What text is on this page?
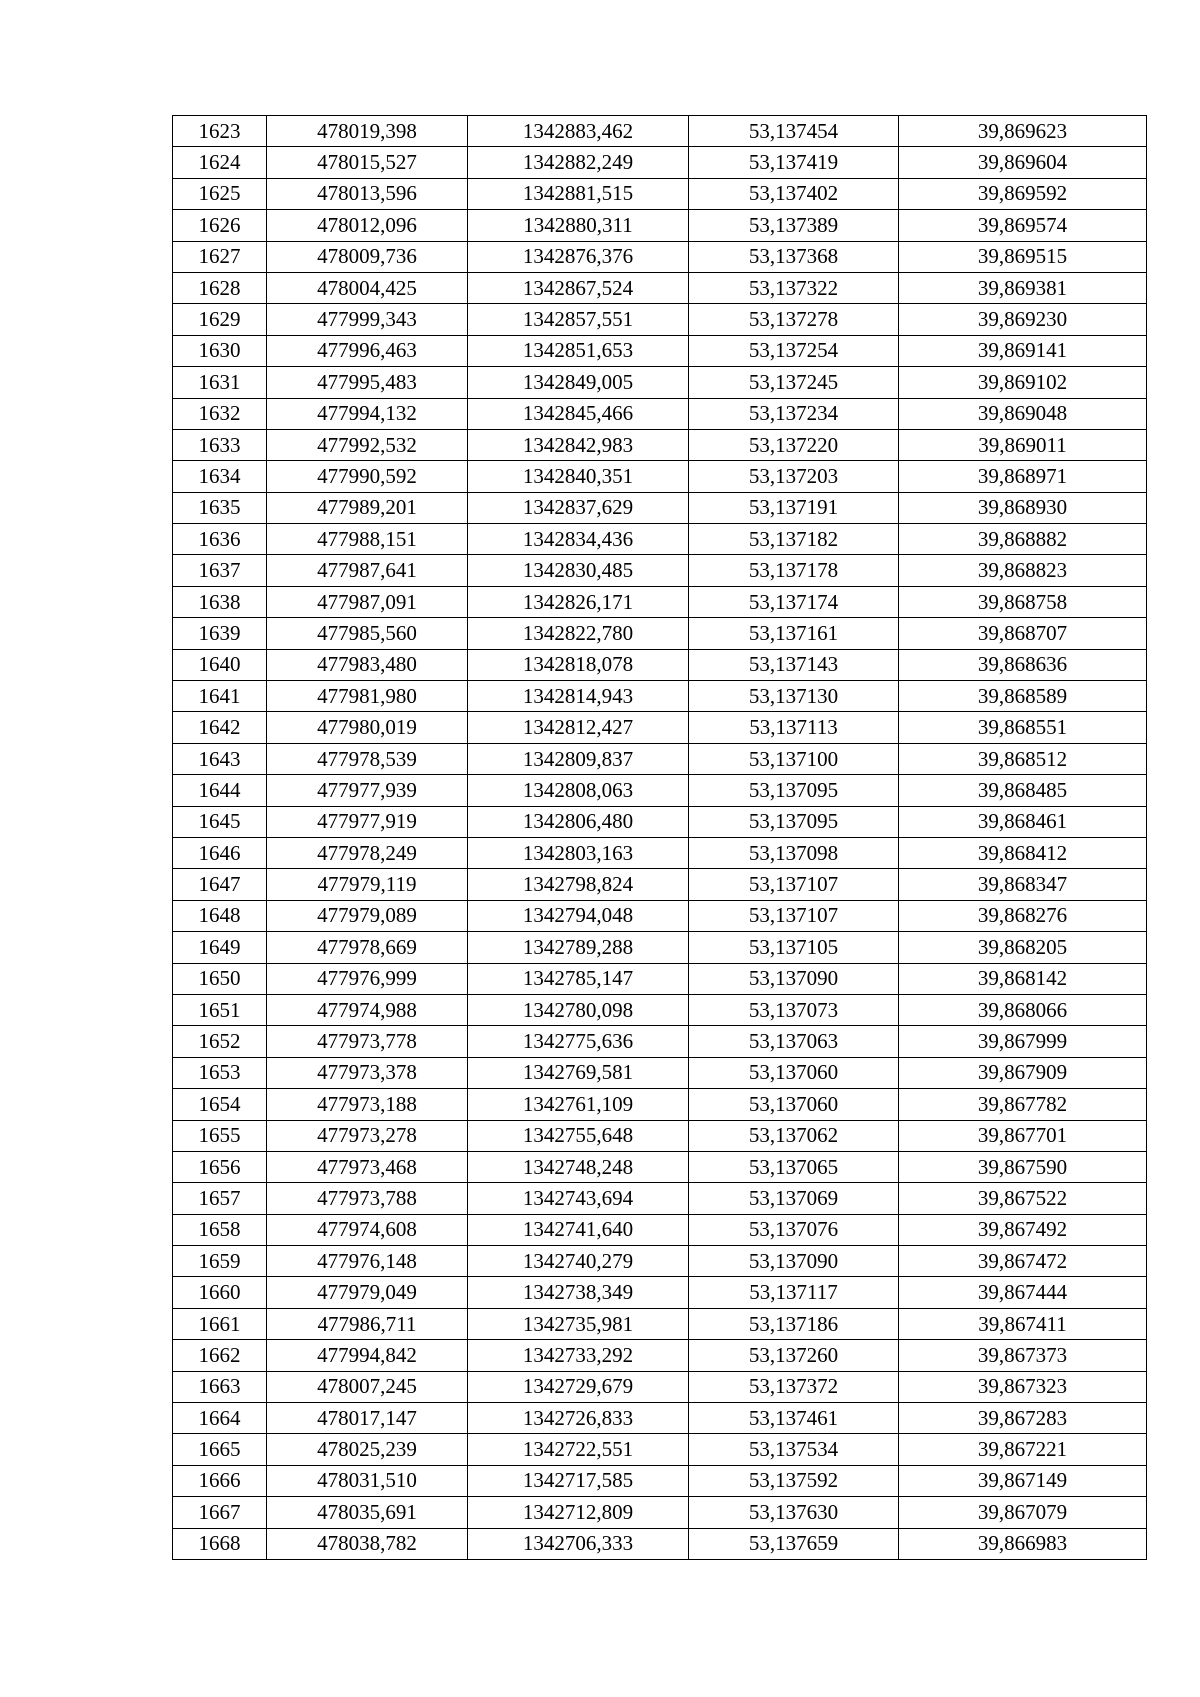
1623	478019,398	1342883,462	53,137454	39,869623
1624	478015,527	1342882,249	53,137419	39,869604
1625	478013,596	1342881,515	53,137402	39,869592
1626	478012,096	1342880,311	53,137389	39,869574
1627	478009,736	1342876,376	53,137368	39,869515
1628	478004,425	1342867,524	53,137322	39,869381
1629	477999,343	1342857,551	53,137278	39,869230
1630	477996,463	1342851,653	53,137254	39,869141
1631	477995,483	1342849,005	53,137245	39,869102
1632	477994,132	1342845,466	53,137234	39,869048
1633	477992,532	1342842,983	53,137220	39,869011
1634	477990,592	1342840,351	53,137203	39,868971
1635	477989,201	1342837,629	53,137191	39,868930
1636	477988,151	1342834,436	53,137182	39,868882
1637	477987,641	1342830,485	53,137178	39,868823
1638	477987,091	1342826,171	53,137174	39,868758
1639	477985,560	1342822,780	53,137161	39,868707
1640	477983,480	1342818,078	53,137143	39,868636
1641	477981,980	1342814,943	53,137130	39,868589
1642	477980,019	1342812,427	53,137113	39,868551
1643	477978,539	1342809,837	53,137100	39,868512
1644	477977,939	1342808,063	53,137095	39,868485
1645	477977,919	1342806,480	53,137095	39,868461
1646	477978,249	1342803,163	53,137098	39,868412
1647	477979,119	1342798,824	53,137107	39,868347
1648	477979,089	1342794,048	53,137107	39,868276
1649	477978,669	1342789,288	53,137105	39,868205
1650	477976,999	1342785,147	53,137090	39,868142
1651	477974,988	1342780,098	53,137073	39,868066
1652	477973,778	1342775,636	53,137063	39,867999
1653	477973,378	1342769,581	53,137060	39,867909
1654	477973,188	1342761,109	53,137060	39,867782
1655	477973,278	1342755,648	53,137062	39,867701
1656	477973,468	1342748,248	53,137065	39,867590
1657	477973,788	1342743,694	53,137069	39,867522
1658	477974,608	1342741,640	53,137076	39,867492
1659	477976,148	1342740,279	53,137090	39,867472
1660	477979,049	1342738,349	53,137117	39,867444
1661	477986,711	1342735,981	53,137186	39,867411
1662	477994,842	1342733,292	53,137260	39,867373
1663	478007,245	1342729,679	53,137372	39,867323
1664	478017,147	1342726,833	53,137461	39,867283
1665	478025,239	1342722,551	53,137534	39,867221
1666	478031,510	1342717,585	53,137592	39,867149
1667	478035,691	1342712,809	53,137630	39,867079
1668	478038,782	1342706,333	53,137659	39,866983
